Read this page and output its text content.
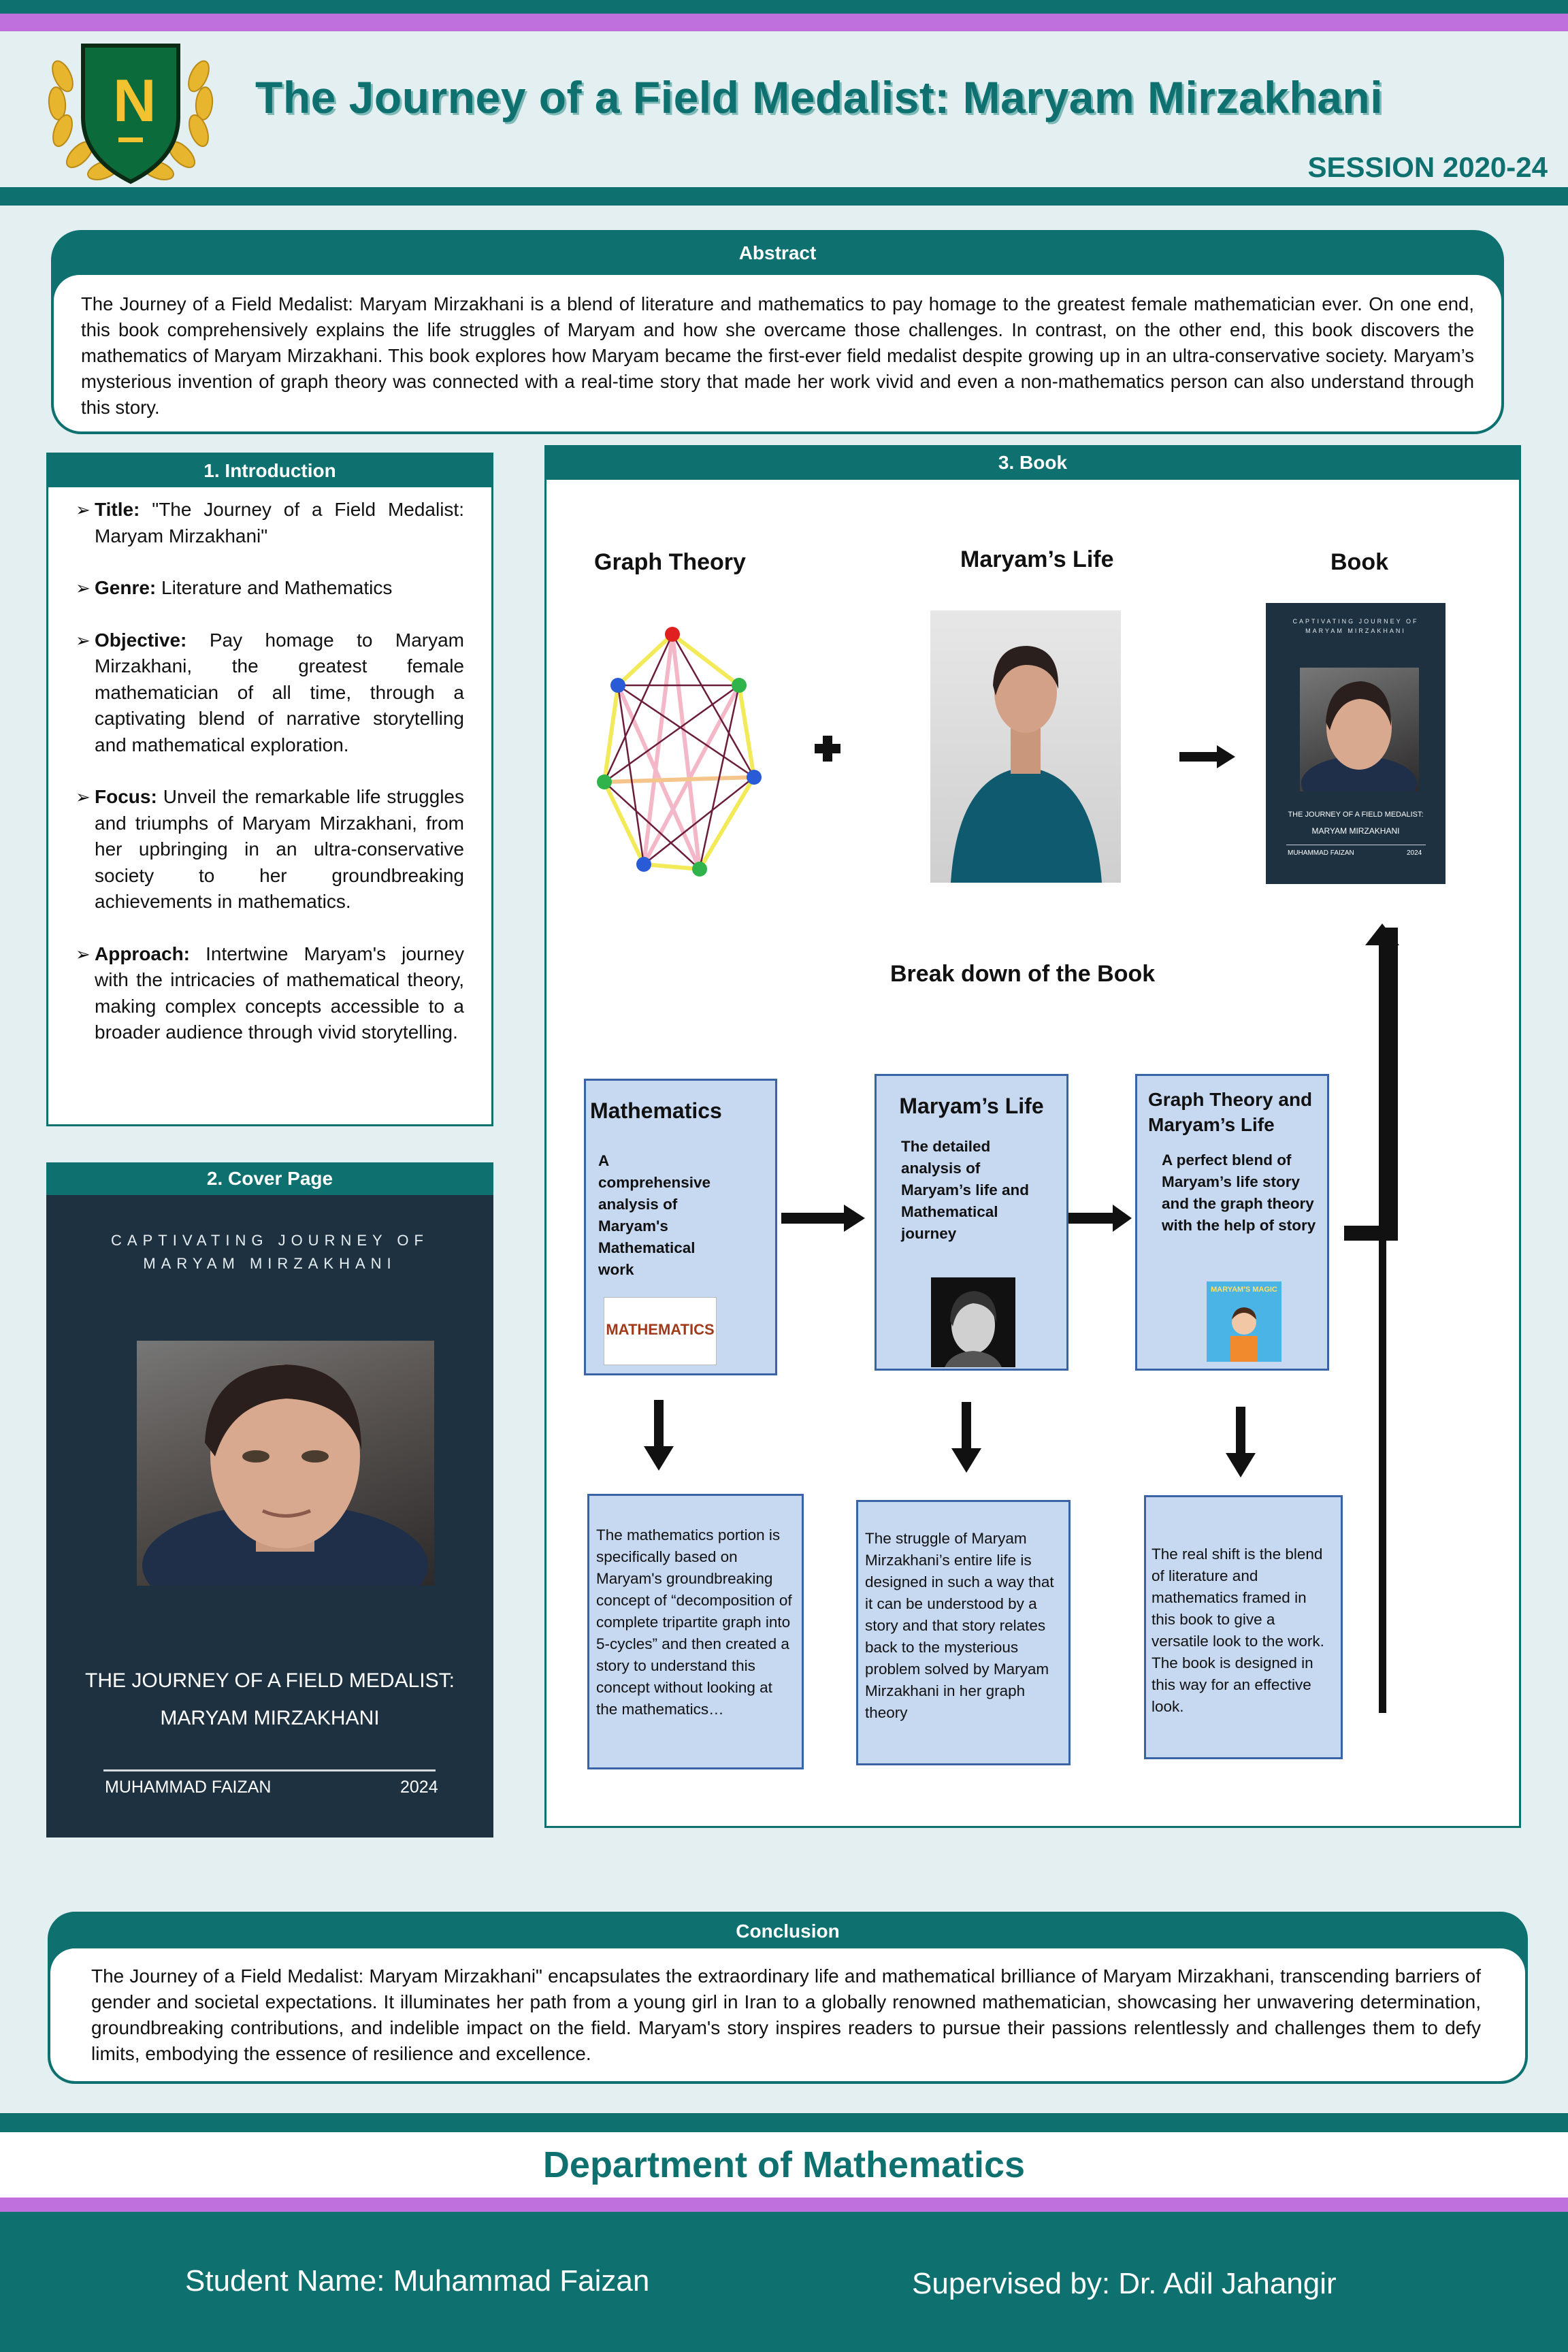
N The Journey of a Field Medalist: Maryam Mirzakhani
SESSION 2020-24
Abstract
The Journey of a Field Medalist: Maryam Mirzakhani is a blend of literature and mathematics to pay homage to the greatest female mathematician ever. On one end, this book comprehensively explains the life struggles of Maryam and how she overcame those challenges. In contrast, on the other end, this book discovers the mathematics of Maryam Mirzakhani. This book explores how Maryam became the first-ever field medalist despite growing up in an ultra-conservative society. Maryam’s mysterious invention of graph theory was connected with a real-time story that made her work vivid and even a non-mathematics person can also understand through this story.
1. Introduction
➢ Title: "The Journey of a Field Medalist: Maryam Mirzakhani"
➢ Genre: Literature and Mathematics
➢ Objective: Pay homage to Maryam Mirzakhani, the greatest female mathematician of all time, through a captivating blend of narrative storytelling and mathematical exploration.
➢ Focus: Unveil the remarkable life struggles and triumphs of Maryam Mirzakhani, from her upbringing in an ultra-conservative society to her groundbreaking achievements in mathematics.
➢ Approach: Intertwine Maryam's journey with the intricacies of mathematical theory, making complex concepts accessible to a broader audience through vivid storytelling.
2. Cover Page
CAPTIVATING JOURNEY OF
MARYAM MIRZAKHANI
THE JOURNEY OF A FIELD MEDALIST:
MARYAM MIRZAKHANI
MUHAMMAD FAIZAN	2024
3. Book
Graph Theory	Maryam’s Life	Book
CAPTIVATING JOURNEY OF
MARYAM MIRZAKHANI
THE JOURNEY OF A FIELD MEDALIST:
MARYAM MIRZAKHANI
MUHAMMAD FAIZAN	2024
Break down of the Book
Mathematics
A comprehensive analysis of Maryam's Mathematical work
MATHEMATICS
Maryam’s Life
The detailed analysis of Maryam’s life and Mathematical journey
Graph Theory and Maryam’s Life
A perfect blend of Maryam’s life story and the graph theory with the help of story
MARYAM'S MAGIC
The mathematics portion is specifically based on Maryam's groundbreaking concept of “decomposition of complete tripartite graph into 5-cycles” and then created a story to understand this concept without looking at the mathematics…
The struggle of Maryam Mirzakhani’s entire life is designed in such a way that it can be understood by a story and that story relates back to the mysterious problem solved by Maryam Mirzakhani in her graph theory
The real shift is the blend of literature and mathematics framed in this book to give a versatile look to the work. The book is designed in this way for an effective look.
Conclusion
The Journey of a Field Medalist: Maryam Mirzakhani" encapsulates the extraordinary life and mathematical brilliance of Maryam Mirzakhani, transcending barriers of gender and societal expectations. It illuminates her path from a young girl in Iran to a globally renowned mathematician, showcasing her unwavering determination, groundbreaking contributions, and indelible impact on the field. Maryam's story inspires readers to pursue their passions relentlessly and challenges them to defy limits, embodying the essence of resilience and excellence.
Department of Mathematics
Student Name: Muhammad Faizan	Supervised by: Dr. Adil Jahangir
